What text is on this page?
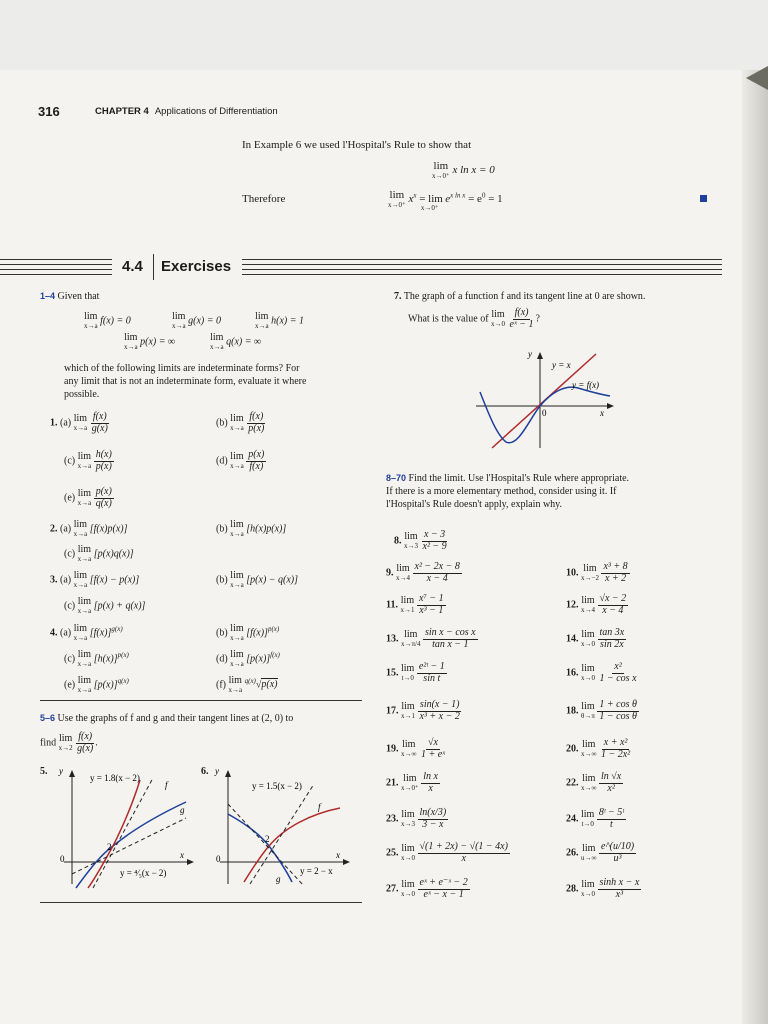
316	CHAPTER 4 Applications of Differentiation
In Example 6 we used l'Hospital's Rule to show that
lim
x→0⁺ x ln x = 0
Therefore	lim
x→0⁺ $x^x = \lim_{x\to 0^+} e^{x ln x} = e^0 = 1$
4.4 Exercises
1–4 Given that
lim
x→a f(x) = 0	lim
x→a g(x) = 0	lim
x→a h(x) = 1
lim
x→a p(x) = ∞	lim
x→a q(x) = ∞
which of the following limits are indeterminate forms? For
any limit that is not an indeterminate form, evaluate it where
possible.
1. (a) lim
x→a
$\frac{f(x)}{g(x)}$	(b) lim
x→a
$\frac{f(x)}{p(x)}$
(c) lim
x→a
$\frac{h(x)}{p(x)}$	(d) lim
x→a
$\frac{p(x)}{f(x)}$
(e) lim
x→a
$\frac{p(x)}{q(x)}$
2. (a) lim
x→a [f(x)p(x)]	(b) lim
x→a [h(x)p(x)]
(c) lim
x→a [p(x)q(x)]
3. (a) lim
x→a [f(x) − p(x)]	(b) lim
x→a [p(x) − q(x)]
(c) lim
x→a [p(x) + q(x)]
4. (a) lim
x→a $[f(x)]^{g(x)}$	(b) lim
x→a $[f(x)]^{p(x)}$
(c) lim
x→a $[h(x)]^{p(x)}$	(d) lim
x→a $[p(x)]^{f(x)}$
(e) lim
x→a $[p(x)]^{q(x)}$	(f) lim
x→a
$^{q(x)}$√p(x)
5–6 Use the graphs of f and g and their tangent lines at (2, 0) to
find lim
x→2
$\frac{f(x)}{g(x)}$ .
5. y
0	x
2
f
g
y = 1.8(x − 2)
y = ⁴⁄₅(x − 2)
6. y
0	x
2
f
g
y = 1.5(x − 2)
y = 2 − x
7. The graph of a function f and its tangent line at 0 are shown.
What is the value of lim
x→0
$\frac{f(x)}{\text{eˣ − 1}}$ ?
y
0	x
y = x
y = f(x)
8–70 Find the limit. Use l'Hospital's Rule where appropriate.
If there is a more elementary method, consider using it. If
l'Hospital's Rule doesn't apply, explain why.
8. lim
x→3
$\frac{x - 3}{\text{x² − 9}}$
9. lim
x→4
$\frac{\text{x² − 2x − 8}}{x - 4}$	10. lim
x→−2
$\frac{\text{x³ + 8}}{x + 2}$
11. lim
x→1
$\frac{\text{x⁷ − 1}}{\text{x³ − 1}}$	12. lim
x→4
$\frac{√x - 2}{x - 4}$
13. lim
x→π/4
$\frac{\text{sin x − cos x}}{\text{tan x − 1}}$	14. lim
x→0
$\frac{\tan 3x}{\sin 2x}$
15. lim
t→0
$\frac{\text{e²ᵗ − 1}}{\text{sin t}}$	16. lim
x→0
$\frac{\text{x²}}{\text{1 − cos x}}$
17. lim
x→1
$\frac{\sin(x - 1)}{\text{x³ + x − 2}}$	18. lim
θ→π
$\frac{\text{1 + cos θ}}{\text{1 − cos θ}}$
19. lim
x→∞
$\frac{√x}{\text{1 + eˣ}}$	20. lim
x→∞
$\frac{\text{x + x²}}{\text{1 − 2x²}}$
21. lim
x→0⁺
$\frac{\text{ln x}}{x}$	22. lim
x→∞
$\frac{\ln √x}{\text{x²}}$
23. lim
x→3
$\frac{\ln(x/3)}{3 - x}$	24. lim
t→0
$\frac{\text{8ᵗ − 5ᵗ}}{t}$
25. lim
x→0
$\frac{√(1 + 2x) - √(1 - 4x)}{x}$	26. lim
u→∞
$\frac{e\^{}(u/10)}{\text{u³}}$
27. lim
x→0
$\frac{\text{eˣ + e⁻ˣ − 2}}{\text{eˣ − x − 1}}$	28. lim
x→0
$\frac{\text{sinh x − x}}{\text{x³}}$
